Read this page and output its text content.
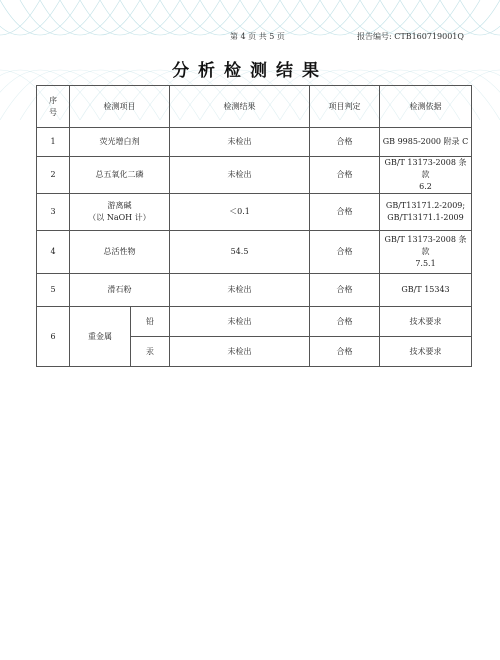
第 4 页 共 5 页	报告编号: CTB160719001Q
分析检测结果
序
号	检测项目		检测结果	项目判定	检测依据
1	荧光增白剂		未检出	合格	GB 9985-2000 附录 C

2	总五氧化二磷		未检出	合格	GB/T 13173-2008 条款
6.2

3	游离碱
（以 NaOH 计）		＜0.1	合格	GB/T13171.2-2009;
GB/T13171.1-2009

4	总活性物		54.5	合格	GB/T 13173-2008 条款
7.5.1

5	滑石粉		未检出	合格	GB/T 15343

6	重金属	铅	未检出	合格	技术要求
		汞	未检出	合格	技术要求
